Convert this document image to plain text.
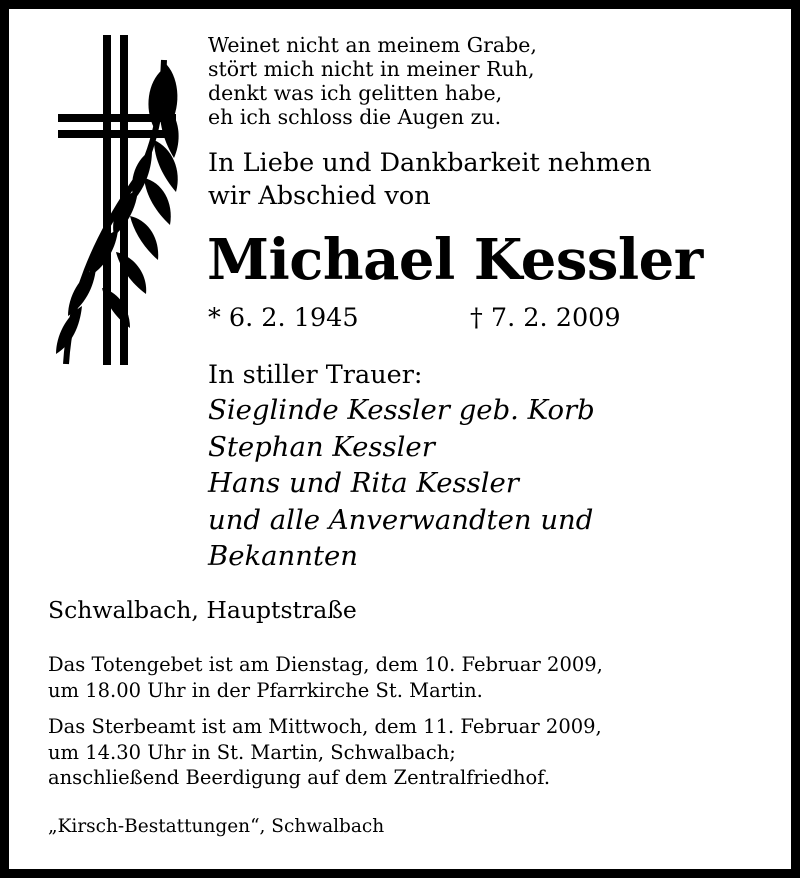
Weinet nicht an meinem Grabe,
stört mich nicht in meiner Ruh,
denkt was ich gelitten habe,
eh ich schloss die Augen zu.
In Liebe und Dankbarkeit nehmen
wir Abschied von
Michael Kessler
* 6. 2. 1945	† 7. 2. 2009
In stiller Trauer:
Sieglinde Kessler geb. Korb
Stephan Kessler
Hans und Rita Kessler
und alle Anverwandten und
Bekannten
Schwalbach, Hauptstraße
Das Totengebet ist am Dienstag, dem 10. Februar 2009,
um 18.00 Uhr in der Pfarrkirche St. Martin.
Das Sterbeamt ist am Mittwoch, dem 11. Februar 2009,
um 14.30 Uhr in St. Martin, Schwalbach;
anschließend Beerdigung auf dem Zentralfriedhof.
„Kirsch-Bestattungen“, Schwalbach
